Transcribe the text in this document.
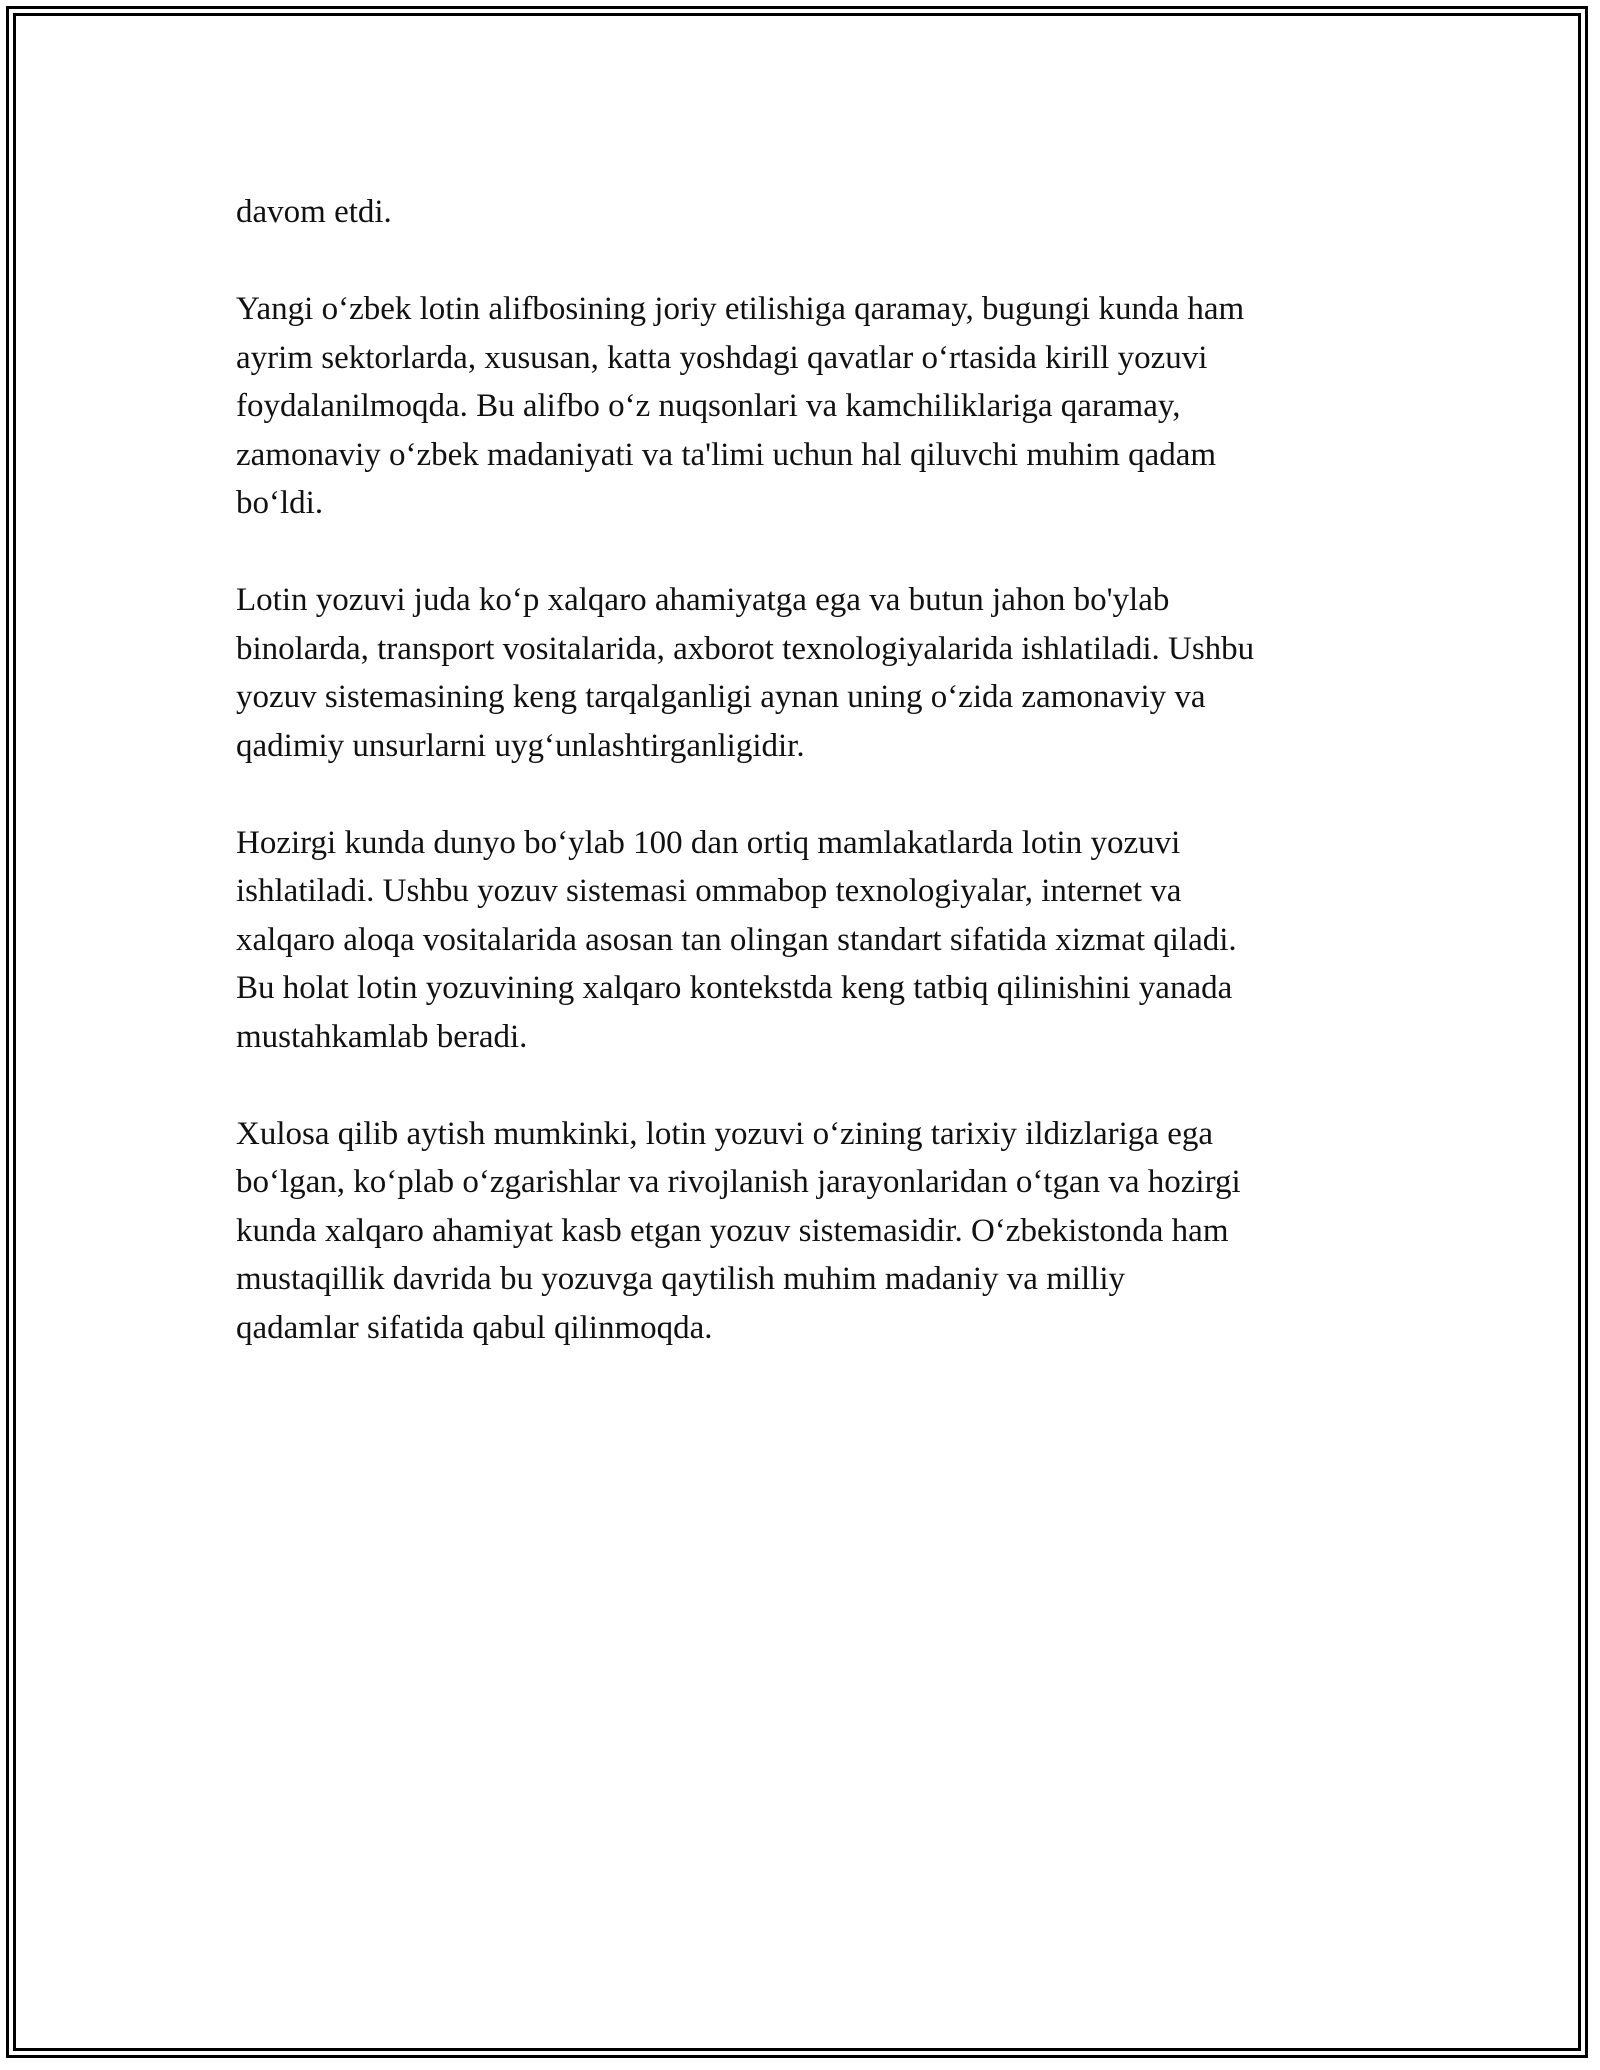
davom etdi.

Yangi o‘zbek lotin alifbosining joriy etilishiga qaramay, bugungi kunda ham
ayrim sektorlarda, xususan, katta yoshdagi qavatlar o‘rtasida kirill yozuvi
foydalanilmoqda. Bu alifbo o‘z nuqsonlari va kamchiliklariga qaramay,
zamonaviy o‘zbek madaniyati va ta'limi uchun hal qiluvchi muhim qadam
bo‘ldi.

Lotin yozuvi juda ko‘p xalqaro ahamiyatga ega va butun jahon bo'ylab
binolarda, transport vositalarida, axborot texnologiyalarida ishlatiladi. Ushbu
yozuv sistemasining keng tarqalganligi aynan uning o‘zida zamonaviy va
qadimiy unsurlarni uyg‘unlashtirganligidir.

Hozirgi kunda dunyo bo‘ylab 100 dan ortiq mamlakatlarda lotin yozuvi
ishlatiladi. Ushbu yozuv sistemasi ommabop texnologiyalar, internet va
xalqaro aloqa vositalarida asosan tan olingan standart sifatida xizmat qiladi.
Bu holat lotin yozuvining xalqaro kontekstda keng tatbiq qilinishini yanada
mustahkamlab beradi.

Xulosa qilib aytish mumkinki, lotin yozuvi o‘zining tarixiy ildizlariga ega
bo‘lgan, ko‘plab o‘zgarishlar va rivojlanish jarayonlaridan o‘tgan va hozirgi
kunda xalqaro ahamiyat kasb etgan yozuv sistemasidir. O‘zbekistonda ham
mustaqillik davrida bu yozuvga qaytilish muhim madaniy va milliy
qadamlar sifatida qabul qilinmoqda.
